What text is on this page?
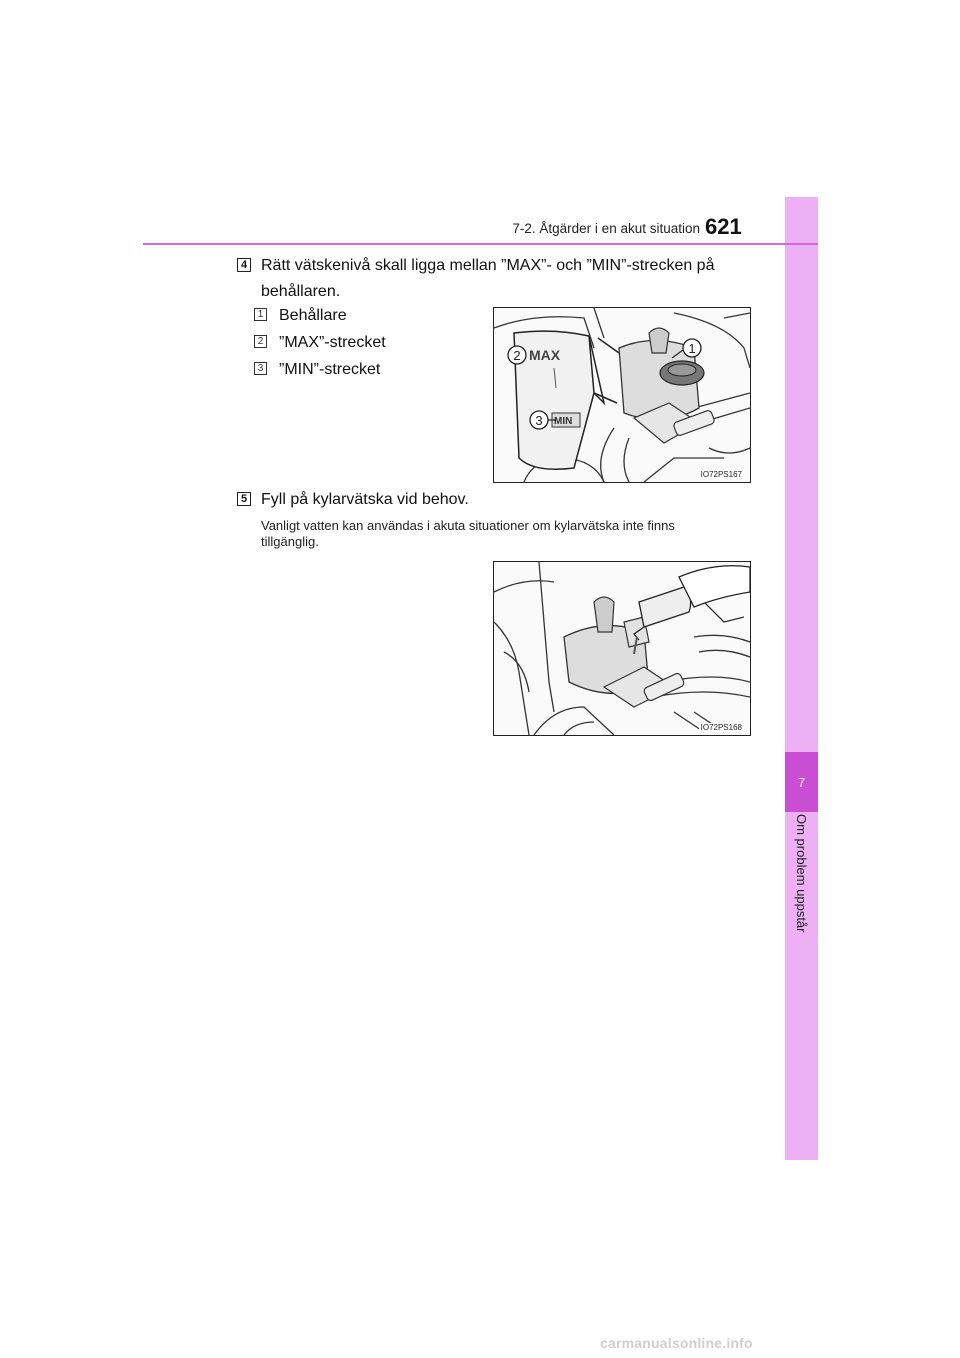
7
Om problem uppstår
7-2. Åtgärder i en akut situation 621
4 Rätt vätskenivå skall ligga mellan ”MAX”- och ”MIN”-strecken på
behållaren.
1 Behållare
2 ”MAX”-strecket
3 ”MIN”-strecket
MAX
MIN
2
3
1
IO72PS167
5 Fyll på kylarvätska vid behov.
Vanligt vatten kan användas i akuta situationer om kylarvätska inte finns
tillgänglig.
IO72PS168
carmanualsonline.info
